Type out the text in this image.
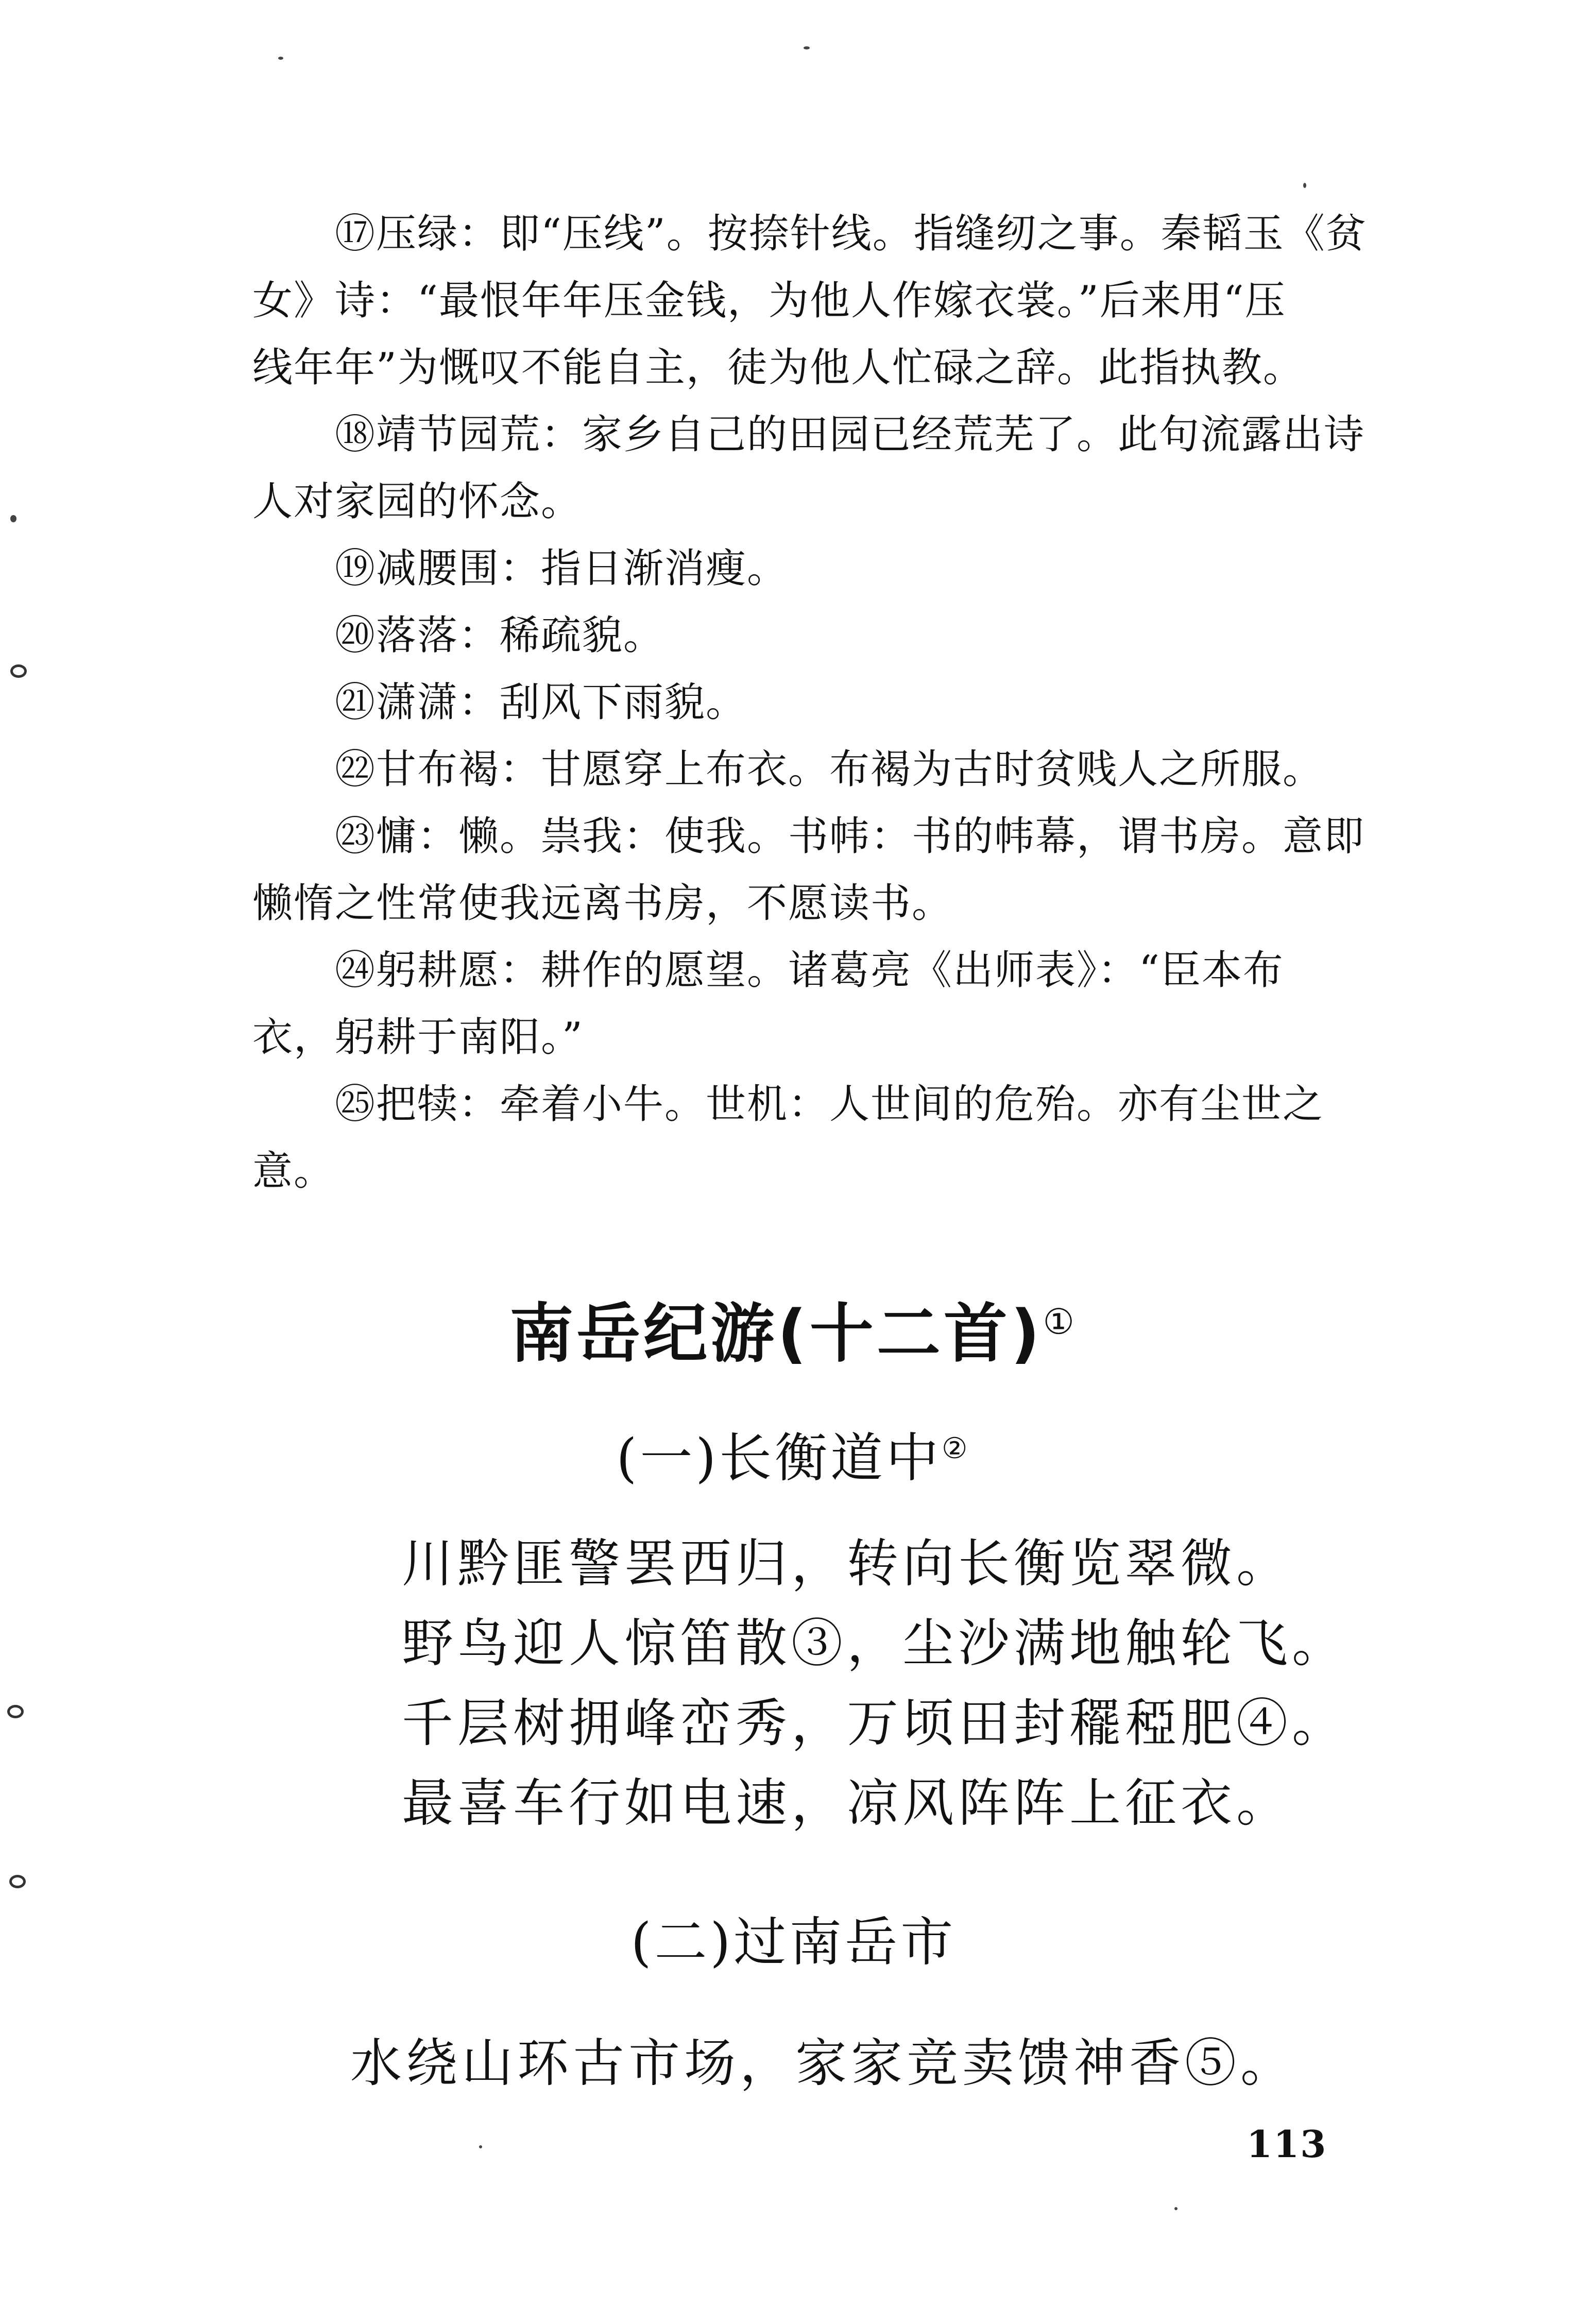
⑰压绿：即“压线”。按捺针线。指缝纫之事。秦韬玉《贫
女》诗：“最恨年年压金钱，为他人作嫁衣裳。”后来用“压
线年年”为慨叹不能自主，徒为他人忙碌之辞。此指执教。
⑱靖节园荒：家乡自己的田园已经荒芜了。此句流露出诗
人对家园的怀念。
⑲减腰围：指日渐消瘦。
⑳落落：稀疏貌。
㉑潇潇：刮风下雨貌。
㉒甘布褐：甘愿穿上布衣。布褐为古时贫贱人之所服。
㉓慵：懒。祟我：使我。书帏：书的帏幕，谓书房。意即
懒惰之性常使我远离书房，不愿读书。
㉔躬耕愿：耕作的愿望。诸葛亮《出师表》：“臣本布
衣，躬耕于南阳。”
㉕把犊：牵着小牛。世机：人世间的危殆。亦有尘世之
意。
南岳纪游(十二首)①
(一)长衡道中②
川黔匪警罢西归，转向长衡览翠微。
野鸟迎人惊笛散③，尘沙满地触轮飞。
千层树拥峰峦秀，万顷田封䆉稏肥④。
最喜车行如电速，凉风阵阵上征衣。
(二)过南岳市
水绕山环古市场，家家竞卖馈神香⑤。
113
